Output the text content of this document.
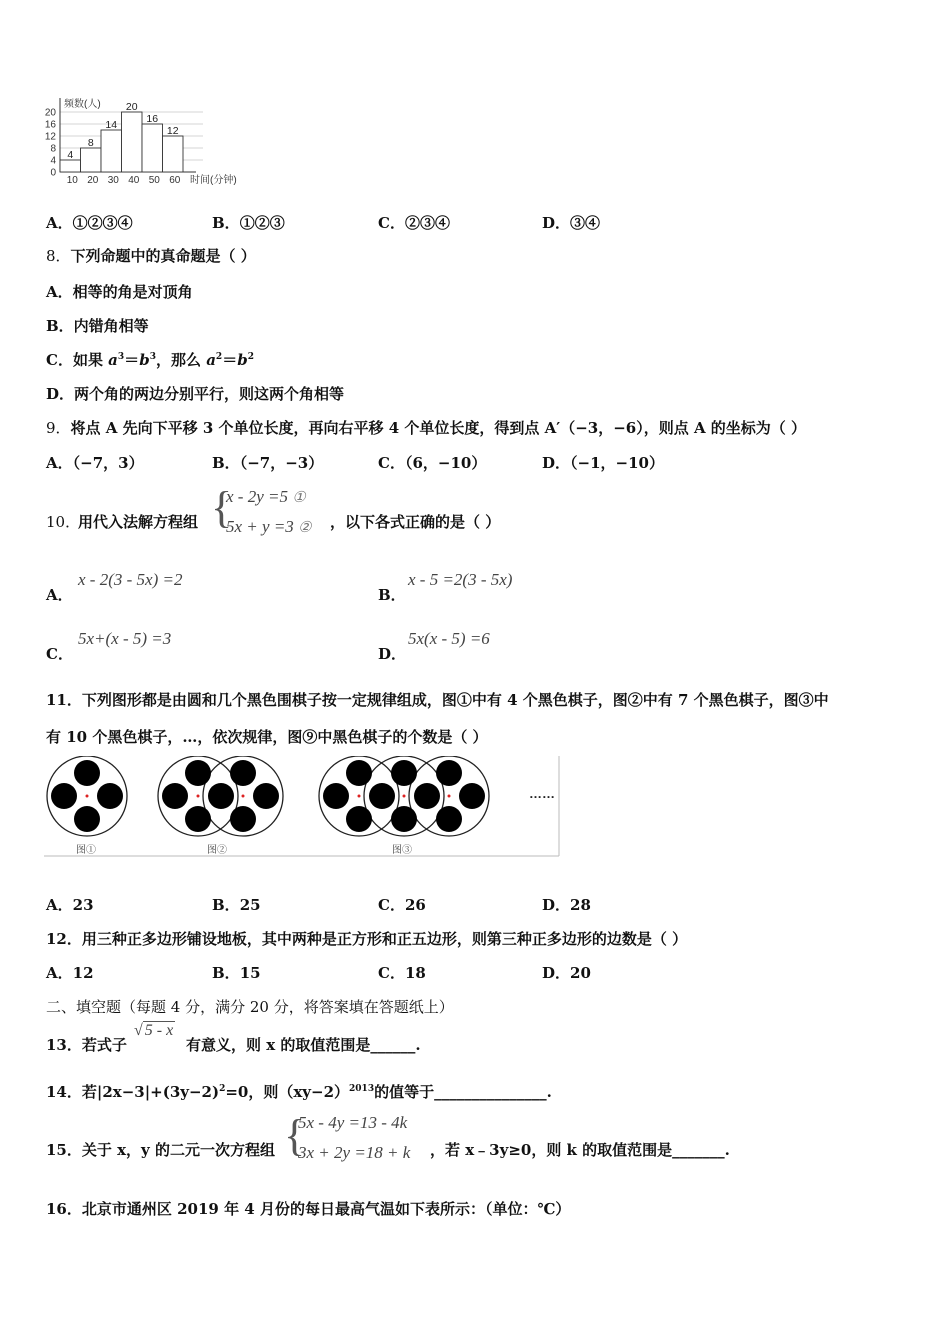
0
4
8
12
16
20
10 20 30 40 50 60
4
8
14
20
16
12
频数(人)
时间(分钟)
A．①②③④	B．①②③	C．②③④	D．③④
8．下列命题中的真命题是（ ）
A．相等的角是对顶角
B．内错角相等
C．如果 $a^3=b^3$，那么 $a^2=b^2$
D．两个角的两边分别平行，则这两个角相等
9．将点 A 先向下平移 3 个单位长度，再向右平移 4 个单位长度，得到点 A′（−3，−6），则点 A 的坐标为（ ）
A．（−7，3）	B．（−7，−3）	C．（6，−10）	D．（−1，−10）
10．
用代入法解方程组 {
x - 2y =5 ①
5x + y =3 ② ，以下各式正确的是（ ）
A．
x - 2(3 - 5x) =2
B．
x - 5 =2(3 - 5x)
C．
5x+(x - 5) =3
D．
5x(x - 5) =6
11．下列图形都是由圆和几个黑色围棋子按一定规律组成，图①中有 4 个黑色棋子，图②中有 7 个黑色棋子，图③中
有 10 个黑色棋子，…，依次规律，图⑨中黑色棋子的个数是（ ）
图①	图②	图③
……
A．23	B．25	C．26	D．28
12．用三种正多边形铺设地板，其中两种是正方形和正五边形，则第三种正多边形的边数是（ ）
A．12	B．15	C．18	D．20
二、填空题（每题 4 分，满分 20 分，将答案填在答题纸上）
13．若式子
√ 5 - x
有意义，则 x 的取值范围是______.
14．若$|2x-3|+(3y-2)^2=0$，则$(xy-2)^{2013}$的值等于_______________.
15．关于 x，y 的二元一次方程组 {
5x - 4y =13 - 4k
3x + 2y =18 + k ，若 x﹣3y≥0，则 k 的取值范围是_______.
16．北京市通州区 2019 年 4 月份的每日最高气温如下表所示：（单位：℃）
